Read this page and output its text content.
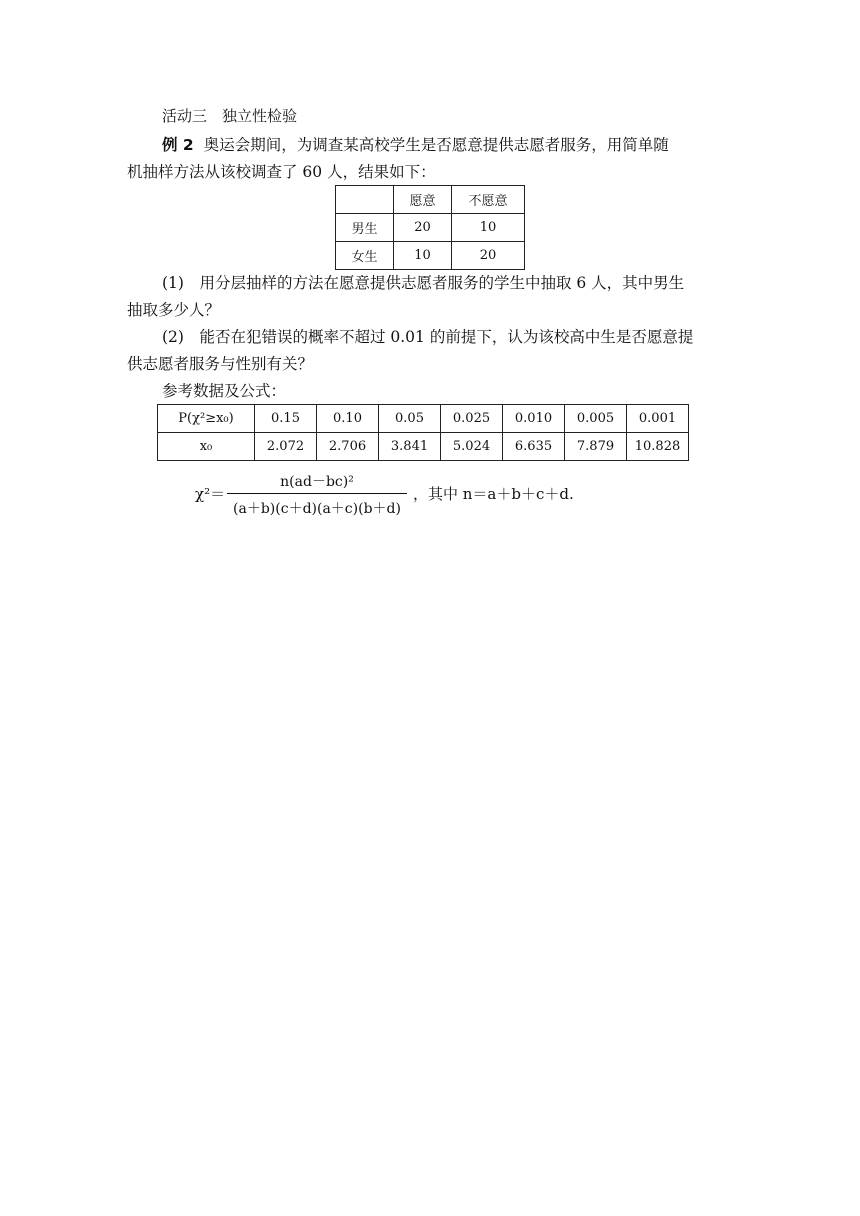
活动三　独立性检验
例 2 奥运会期间，为调查某高校学生是否愿意提供志愿者服务，用简单随
机抽样方法从该校调查了 60 人，结果如下：
	愿意	不愿意
男生	20	10
女生	10	20
(1)　用分层抽样的方法在愿意提供志愿者服务的学生中抽取 6 人，其中男生
抽取多少人？
(2)　能否在犯错误的概率不超过 0.01 的前提下，认为该校高中生是否愿意提
供志愿者服务与性别有关？
参考数据及公式：
P(χ²≥x₀)	0.15	0.10	0.05	0.025	0.010	0.005	0.001
x₀	2.072	2.706	3.841	5.024	6.635	7.879	10.828
χ²＝
n(ad－bc)²
(a＋b)(c＋d)(a＋c)(b＋d)
，其中 n＝a＋b＋c＋d.
